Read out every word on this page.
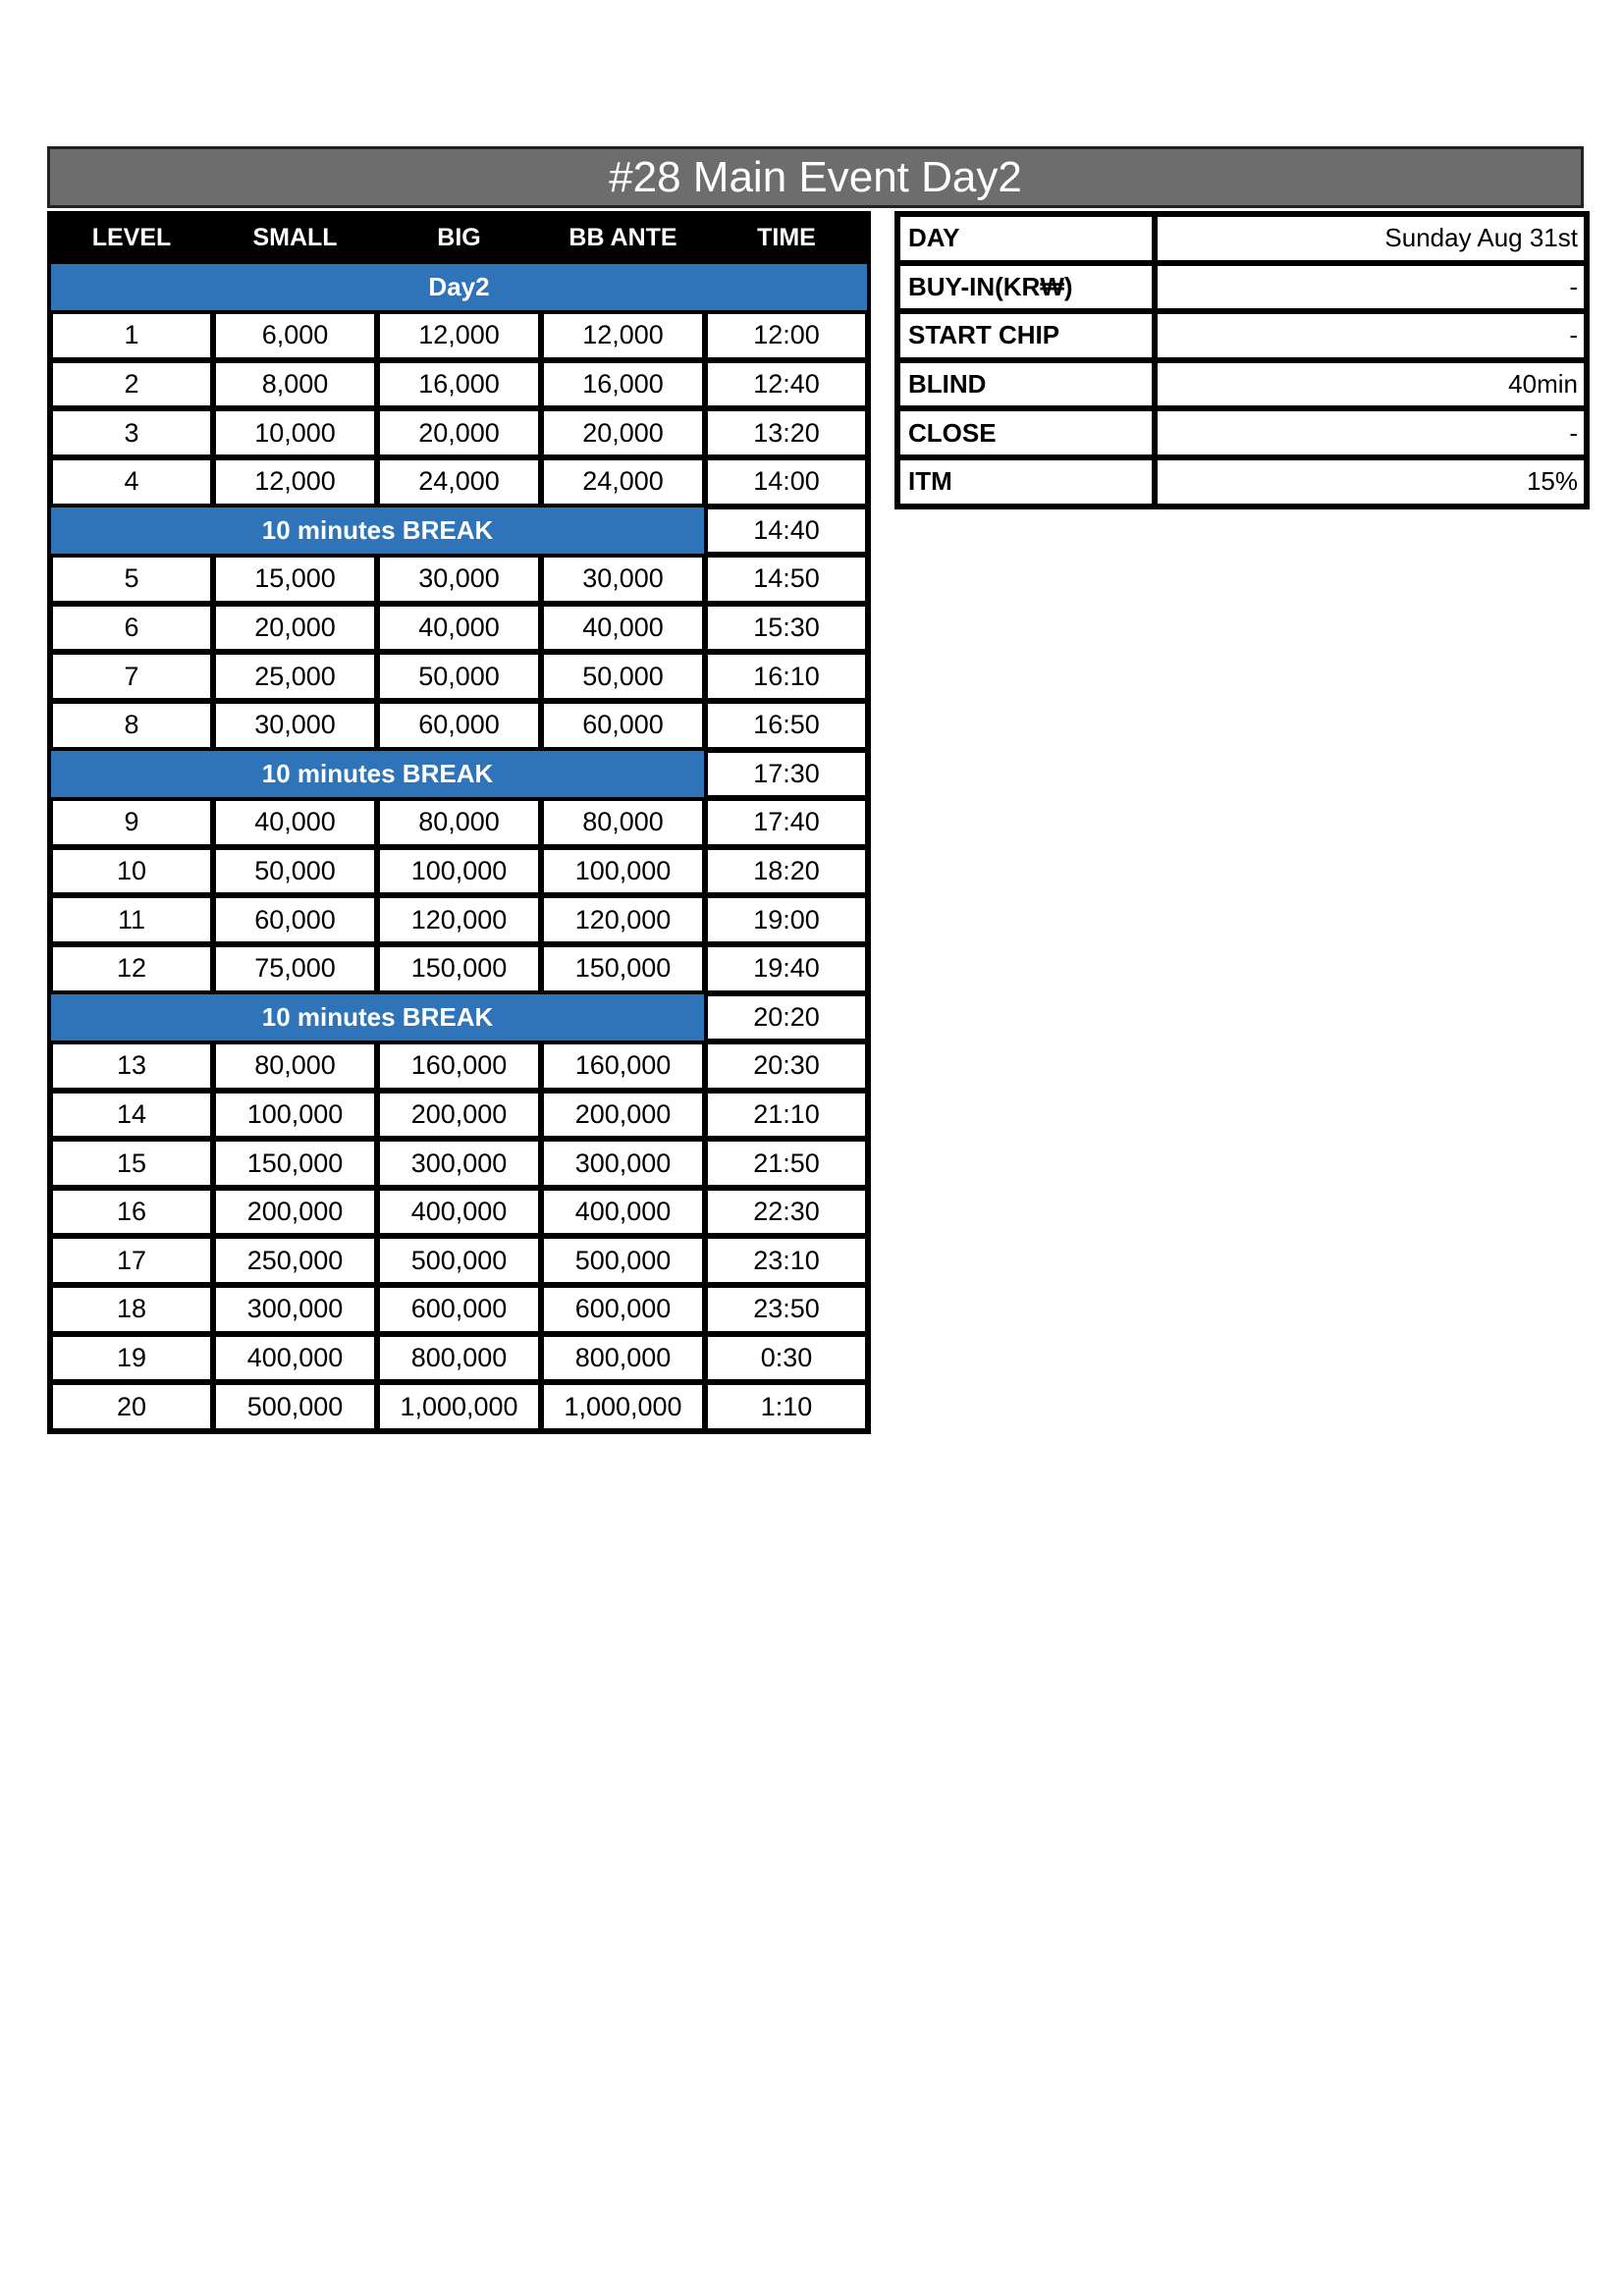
#28 Main Event Day2
LEVEL	SMALL	BIG	BB ANTE	TIME
Day2
1	6,000	12,000	12,000	12:00
2	8,000	16,000	16,000	12:40
3	10,000	20,000	20,000	13:20
4	12,000	24,000	24,000	14:00
10 minutes BREAK	14:40
5	15,000	30,000	30,000	14:50
6	20,000	40,000	40,000	15:30
7	25,000	50,000	50,000	16:10
8	30,000	60,000	60,000	16:50
10 minutes BREAK	17:30
9	40,000	80,000	80,000	17:40
10	50,000	100,000	100,000	18:20
11	60,000	120,000	120,000	19:00
12	75,000	150,000	150,000	19:40
10 minutes BREAK	20:20
13	80,000	160,000	160,000	20:30
14	100,000	200,000	200,000	21:10
15	150,000	300,000	300,000	21:50
16	200,000	400,000	400,000	22:30
17	250,000	500,000	500,000	23:10
18	300,000	600,000	600,000	23:50
19	400,000	800,000	800,000	0:30
20	500,000	1,000,000	1,000,000	1:10
DAY	Sunday Aug 31st
BUY-IN(KR₩)	-
START CHIP	-
BLIND	40min
CLOSE	-
ITM	15%
